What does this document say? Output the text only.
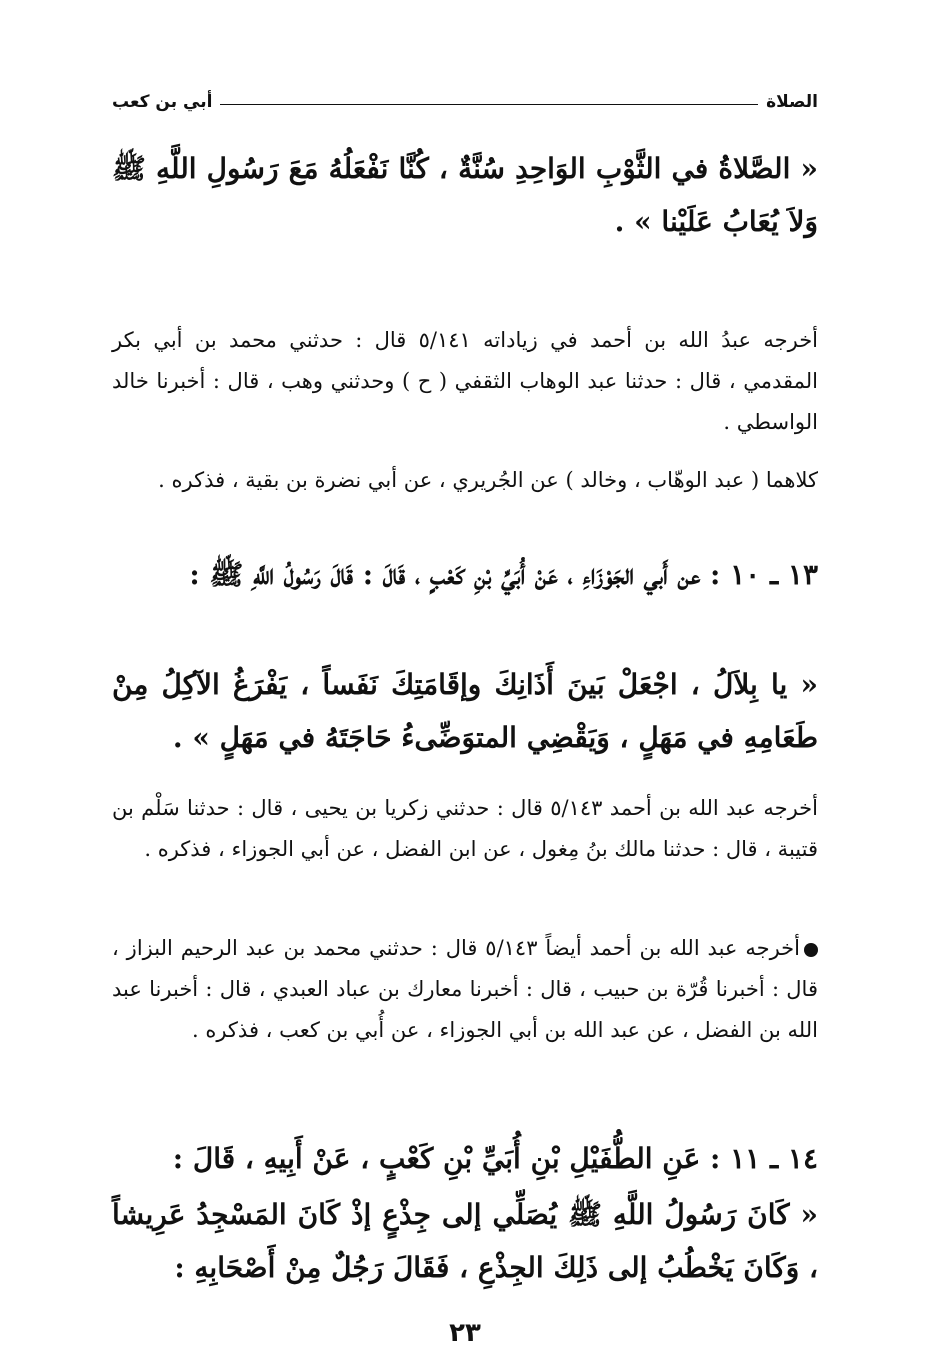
الصلاة
أبي بن كعب
« الصَّلاةُ في الثَّوْبِ الوَاحِدِ سُنَّةٌ ، كُنَّا نَفْعَلُهُ مَعَ رَسُولِ اللَّهِ ﷺ وَلاَ يُعَابُ عَلَيْنا » .
أخرجه عبدُ الله بن أحمد في زياداته ٥/١٤١ قال : حدثني محمد بن أبي بكر المقدمي ، قال : حدثنا عبد الوهاب الثقفي ( ح ) وحدثني وهب ، قال : أخبرنا خالد الواسطي .
كلاهما ( عبد الوهّاب ، وخالد ) عن الجُريري ، عن أبي نضرة بن بقية ، فذكره .
١٣ ـ ١٠ : عن أَبي الجَوْزَاءِ ، عَنْ أُبَيِّ بْنِ كَعْبٍ ، قَالَ : قَالَ رَسُولُ اللَّهِ ﷺ :
« يا بِلاَلُ ، اجْعَلْ بَينَ أَذَانِكَ وإقَامَتِكَ نَفَساً ، يَفْرَغُ الآكِلُ مِنْ طَعَامِهِ في مَهَلٍ ، وَيَقْضِي المتوَضِّىءُ حَاجَتَهُ في مَهَلٍ » .
أخرجه عبد الله بن أحمد ٥/١٤٣ قال : حدثني زكريا بن يحيى ، قال : حدثنا سَلْم بن قتيبة ، قال : حدثنا مالك بنُ مِغول ، عن ابن الفضل ، عن أبي الجوزاء ، فذكره .
أخرجه عبد الله بن أحمد أيضاً ٥/١٤٣ قال : حدثني محمد بن عبد الرحيم البزاز ، قال : أخبرنا قُرّة بن حبيب ، قال : أخبرنا معارك بن عباد العبدي ، قال : أخبرنا عبد الله بن الفضل ، عن عبد الله بن أبي الجوزاء ، عن أُبي بن كعب ، فذكره .
١٤ ـ ١١ : عَنِ الطُّفَيْلِ بْنِ أُبَيِّ بْنِ كَعْبٍ ، عَنْ أَبِيهِ ، قَالَ :
« كَانَ رَسُولُ اللَّهِ ﷺ يُصَلِّي إلى جِذْعٍ إذْ كَانَ المَسْجِدُ عَرِيشاً ، وَكَانَ يَخْطُبُ إلى ذَلِكَ الجِذْعِ ، فَقَالَ رَجُلٌ مِنْ أَصْحَابِهِ :
٢٣
